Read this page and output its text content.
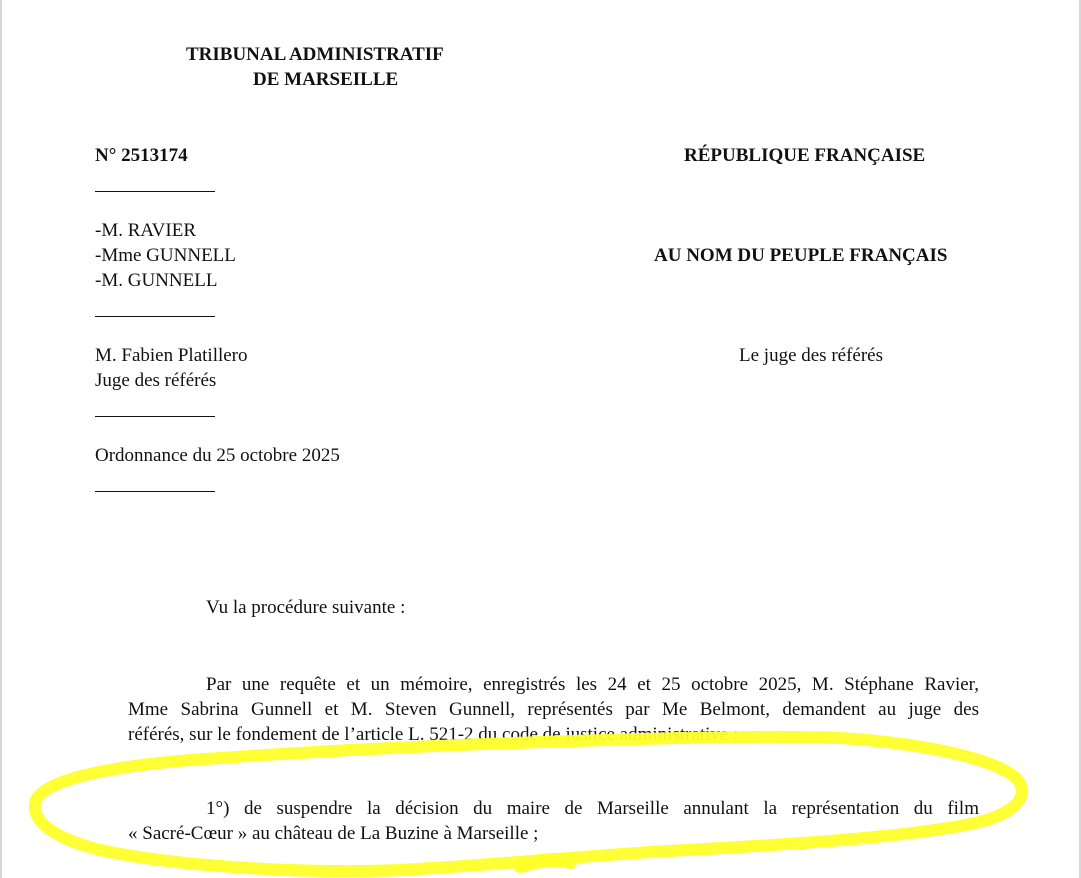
TRIBUNAL ADMINISTRATIF
DE MARSEILLE
N° 2513174	RÉPUBLIQUE FRANÇAISE
-M. RAVIER
-Mme GUNNELL
-M. GUNNELL
AU NOM DU PEUPLE FRANÇAIS
M. Fabien Platillero
Juge des référés
Le juge des référés
Ordonnance du 25 octobre 2025
Vu la procédure suivante :
Par une requête et un mémoire, enregistrés les 24 et 25 octobre 2025, M. Stéphane Ravier,
Mme Sabrina Gunnell et M. Steven Gunnell, représentés par Me Belmont, demandent au juge des
référés, sur le fondement de l’article L. 521-2 du code de justice administrative :
1°) de suspendre la décision du maire de Marseille annulant la représentation du film
« Sacré-Cœur » au château de La Buzine à Marseille ;
